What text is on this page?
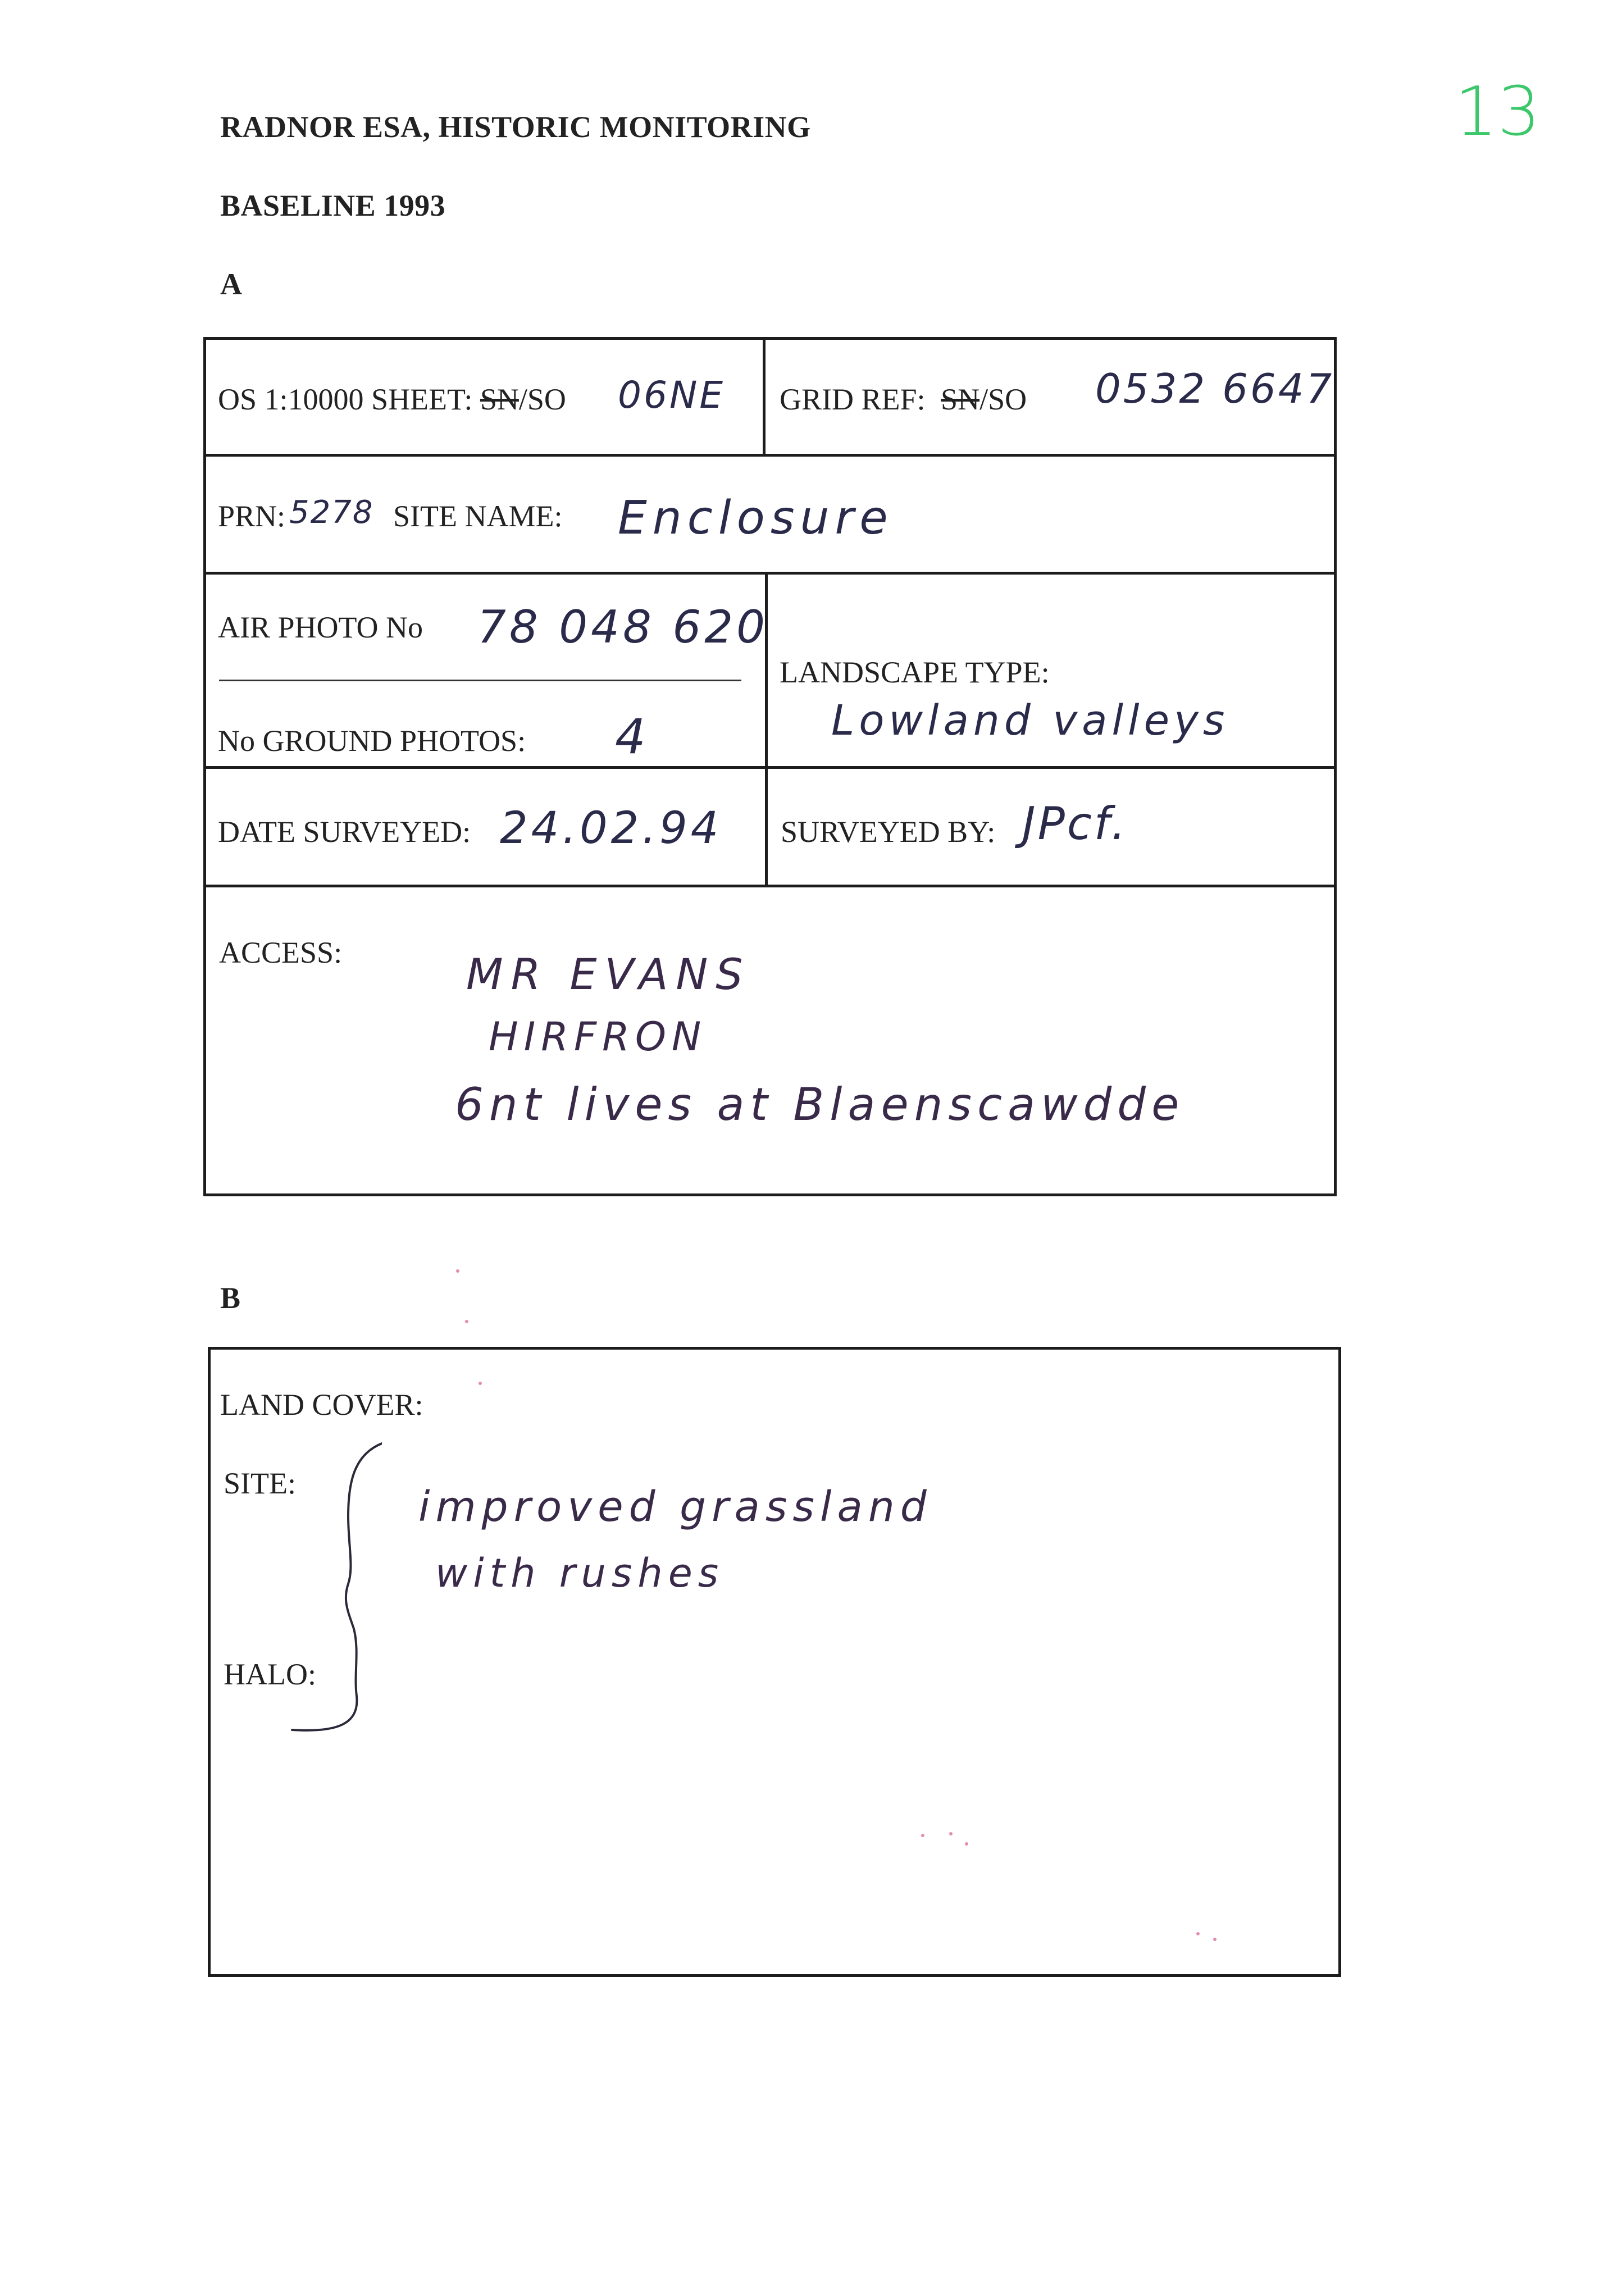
13
RADNOR ESA, HISTORIC MONITORING
BASELINE 1993
A
OS 1:10000 SHEET: SN/SO 06NE GRID REF: SN/SO 0532 6647
PRN: 5278 SITE NAME: Enclosure
AIR PHOTO No 78 048 620
No GROUND PHOTOS: 4
LANDSCAPE TYPE:
Lowland valleys
DATE SURVEYED: 24.02.94 SURVEYED BY: JPcf.
ACCESS:	MR EVANS
HIRFRON
6nt lives at Blaenscawdde
B
LAND COVER:
SITE:
HALO:
improved grassland
with rushes
